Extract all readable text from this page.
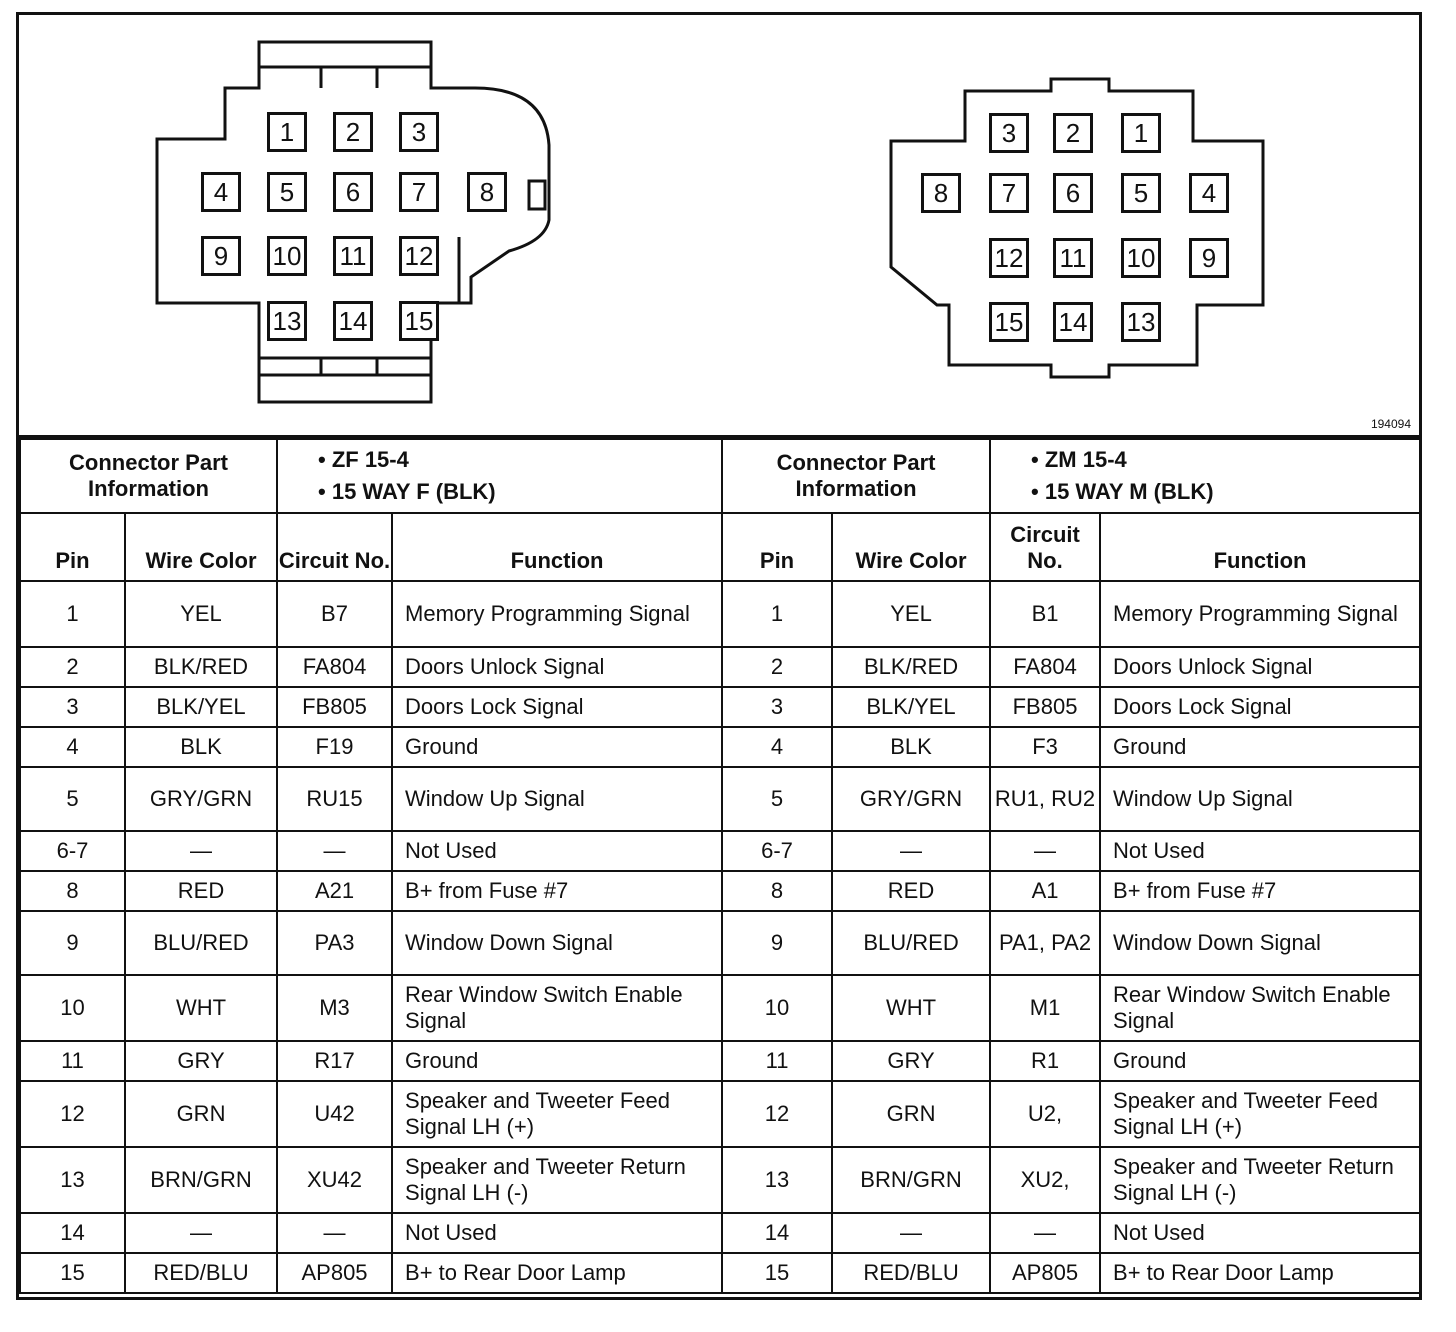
1	2	3
4	5	6	7	8
9	10 11 12
13 14 15
3	2	1
8	7	6	5	4
12 11 10	9
15 14 13
194094
Connector Part Information		• ZF 15-4
• 15 WAY F (BLK)		Connector Part Information		• ZM 15-4
• 15 WAY M (BLK)	

Pin	Wire Color	Circuit No.	Function	Pin	Wire Color	Circuit No.	Function
1	YEL	B7	Memory Programming Signal	1	YEL	B1	Memory Programming Signal
2	BLK/RED	FA804	Doors Unlock Signal	2	BLK/RED	FA804	Doors Unlock Signal
3	BLK/YEL	FB805	Doors Lock Signal	3	BLK/YEL	FB805	Doors Lock Signal
4	BLK	F19	Ground	4	BLK	F3	Ground
5	GRY/GRN	RU15	Window Up Signal	5	GRY/GRN	RU1, RU2	Window Up Signal
6-7	—	—	Not Used	6-7	—	—	Not Used
8	RED	A21	B+ from Fuse #7	8	RED	A1	B+ from Fuse #7
9	BLU/RED	PA3	Window Down Signal	9	BLU/RED	PA1, PA2	Window Down Signal
10	WHT	M3	Rear Window Switch Enable Signal	10	WHT	M1	Rear Window Switch Enable Signal
11	GRY	R17	Ground	11	GRY	R1	Ground
12	GRN	U42	Speaker and Tweeter Feed Signal LH (+)	12	GRN	U2,	Speaker and Tweeter Feed Signal LH (+)
13	BRN/GRN	XU42	Speaker and Tweeter Return Signal LH (-)	13	BRN/GRN	XU2,	Speaker and Tweeter Return Signal LH (-)
14	—	—	Not Used	14	—	—	Not Used
15	RED/BLU	AP805	B+ to Rear Door Lamp	15	RED/BLU	AP805	B+ to Rear Door Lamp
